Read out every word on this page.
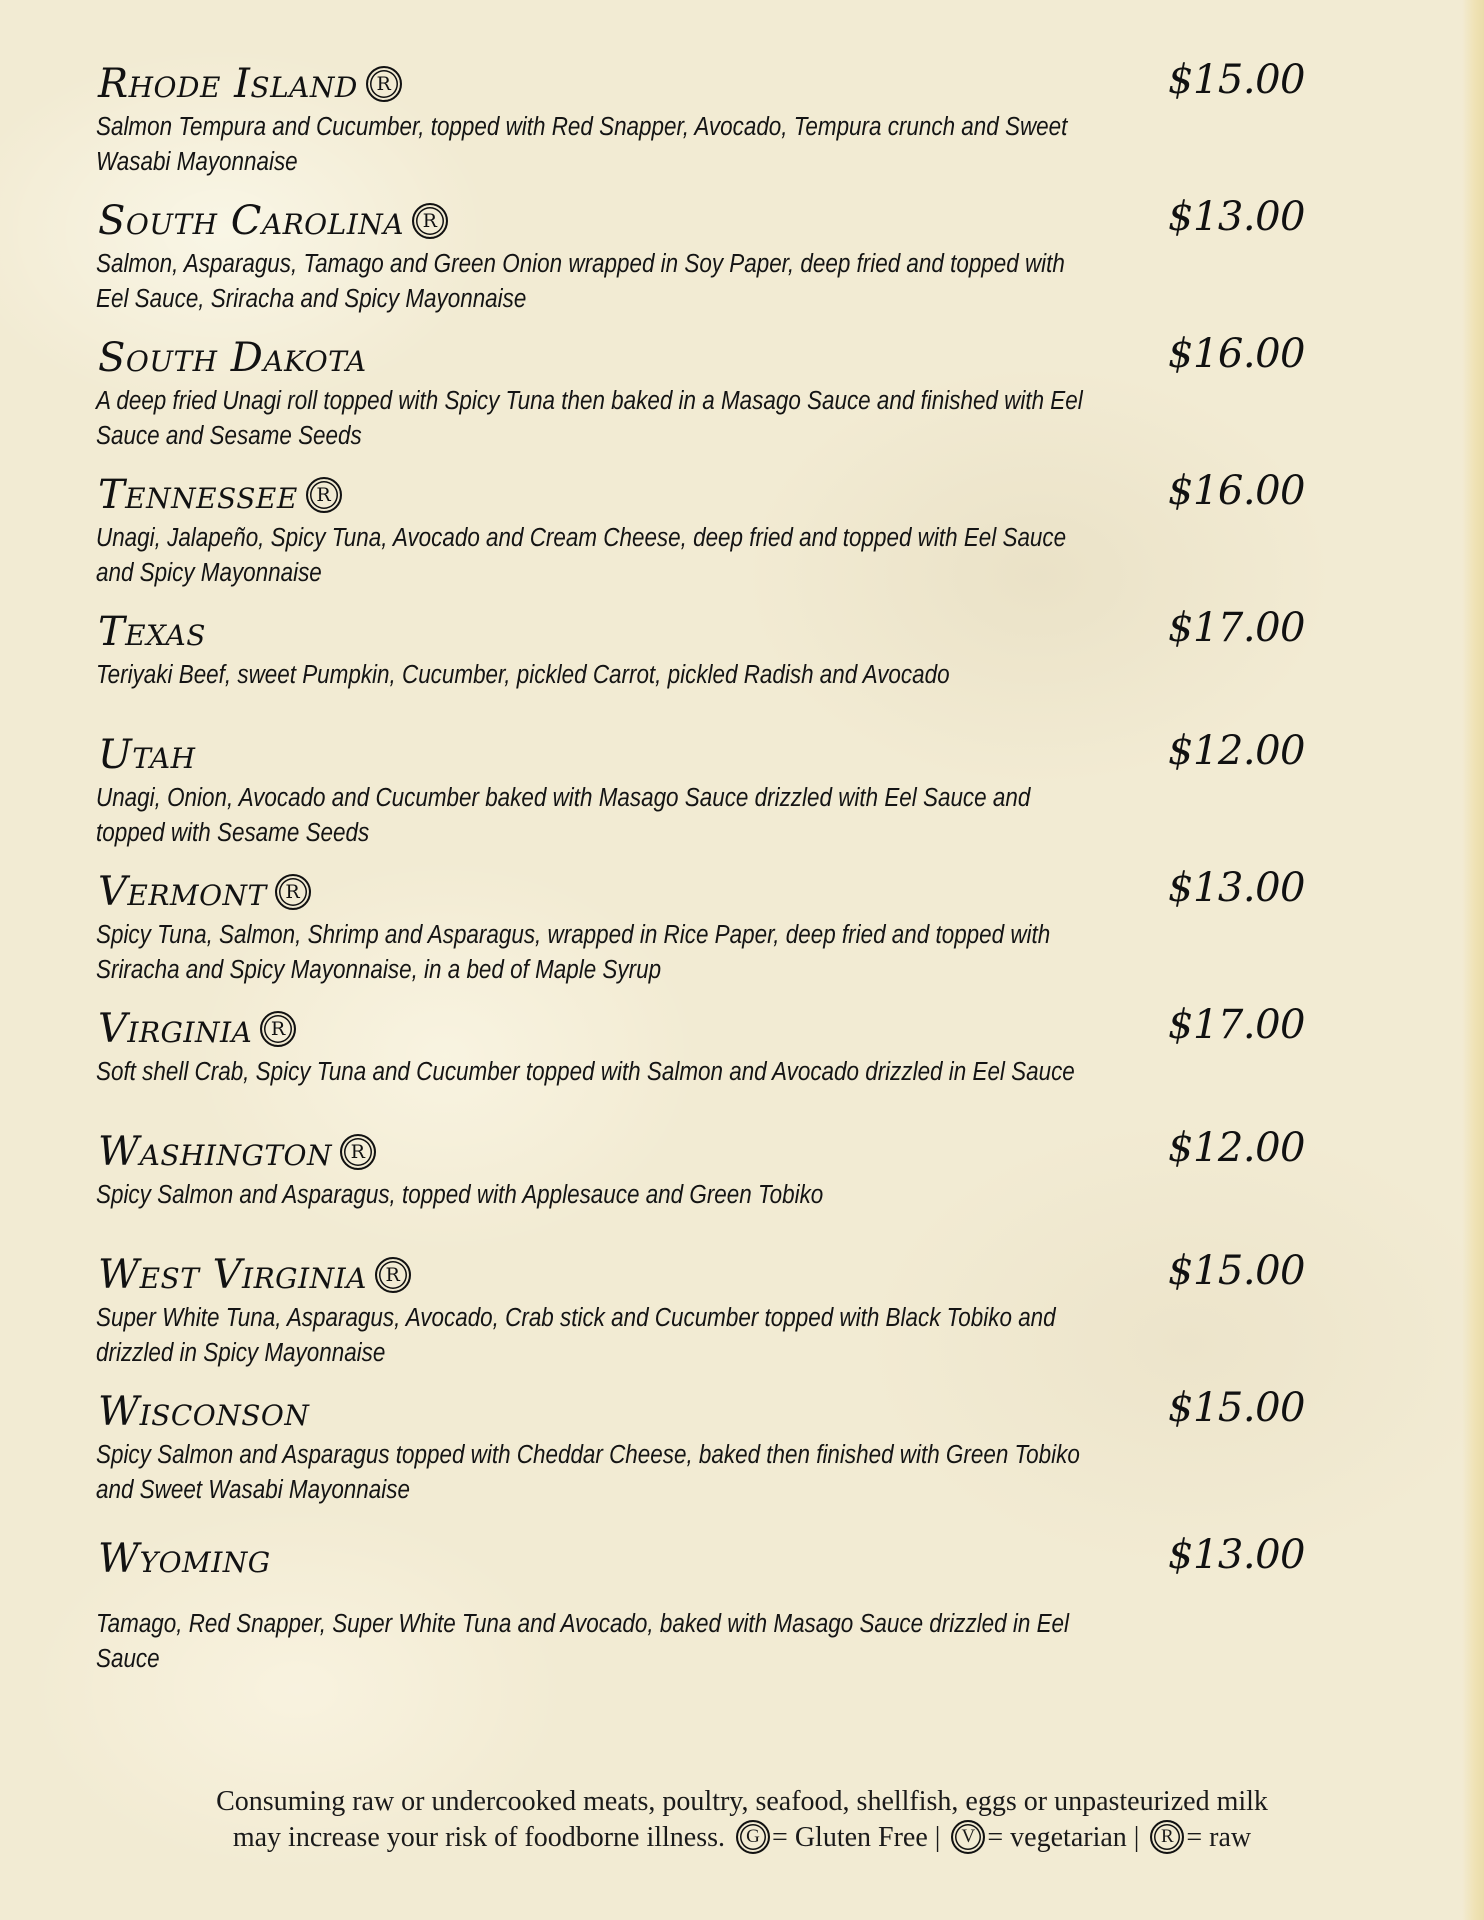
Rhode Island R	$15.00
Salmon Tempura and Cucumber, topped with Red Snapper, Avocado, Tempura crunch and Sweet
Wasabi Mayonnaise
South Carolina R	$13.00
Salmon, Asparagus, Tamago and Green Onion wrapped in Soy Paper, deep fried and topped with
Eel Sauce, Sriracha and Spicy Mayonnaise
South Dakota	$16.00
A deep fried Unagi roll topped with Spicy Tuna then baked in a Masago Sauce and finished with Eel
Sauce and Sesame Seeds
Tennessee R	$16.00
Unagi, Jalapeño, Spicy Tuna, Avocado and Cream Cheese, deep fried and topped with Eel Sauce
and Spicy Mayonnaise
Texas	$17.00
Teriyaki Beef, sweet Pumpkin, Cucumber, pickled Carrot, pickled Radish and Avocado
Utah	$12.00
Unagi, Onion, Avocado and Cucumber baked with Masago Sauce drizzled with Eel Sauce and
topped with Sesame Seeds
Vermont R	$13.00
Spicy Tuna, Salmon, Shrimp and Asparagus, wrapped in Rice Paper, deep fried and topped with
Sriracha and Spicy Mayonnaise, in a bed of Maple Syrup
Virginia R	$17.00
Soft shell Crab, Spicy Tuna and Cucumber topped with Salmon and Avocado drizzled in Eel Sauce
Washington R	$12.00
Spicy Salmon and Asparagus, topped with Applesauce and Green Tobiko
West Virginia R	$15.00
Super White Tuna, Asparagus, Avocado, Crab stick and Cucumber topped with Black Tobiko and
drizzled in Spicy Mayonnaise
Wisconson	$15.00
Spicy Salmon and Asparagus topped with Cheddar Cheese, baked then finished with Green Tobiko
and Sweet Wasabi Mayonnaise
Wyoming	$13.00
Tamago, Red Snapper, Super White Tuna and Avocado, baked with Masago Sauce drizzled in Eel
Sauce
Consuming raw or undercooked meats, poultry, seafood, shellfish, eggs or unpasteurized milk
may increase your risk of foodborne illness. G = Gluten Free | V = vegetarian | R = raw
